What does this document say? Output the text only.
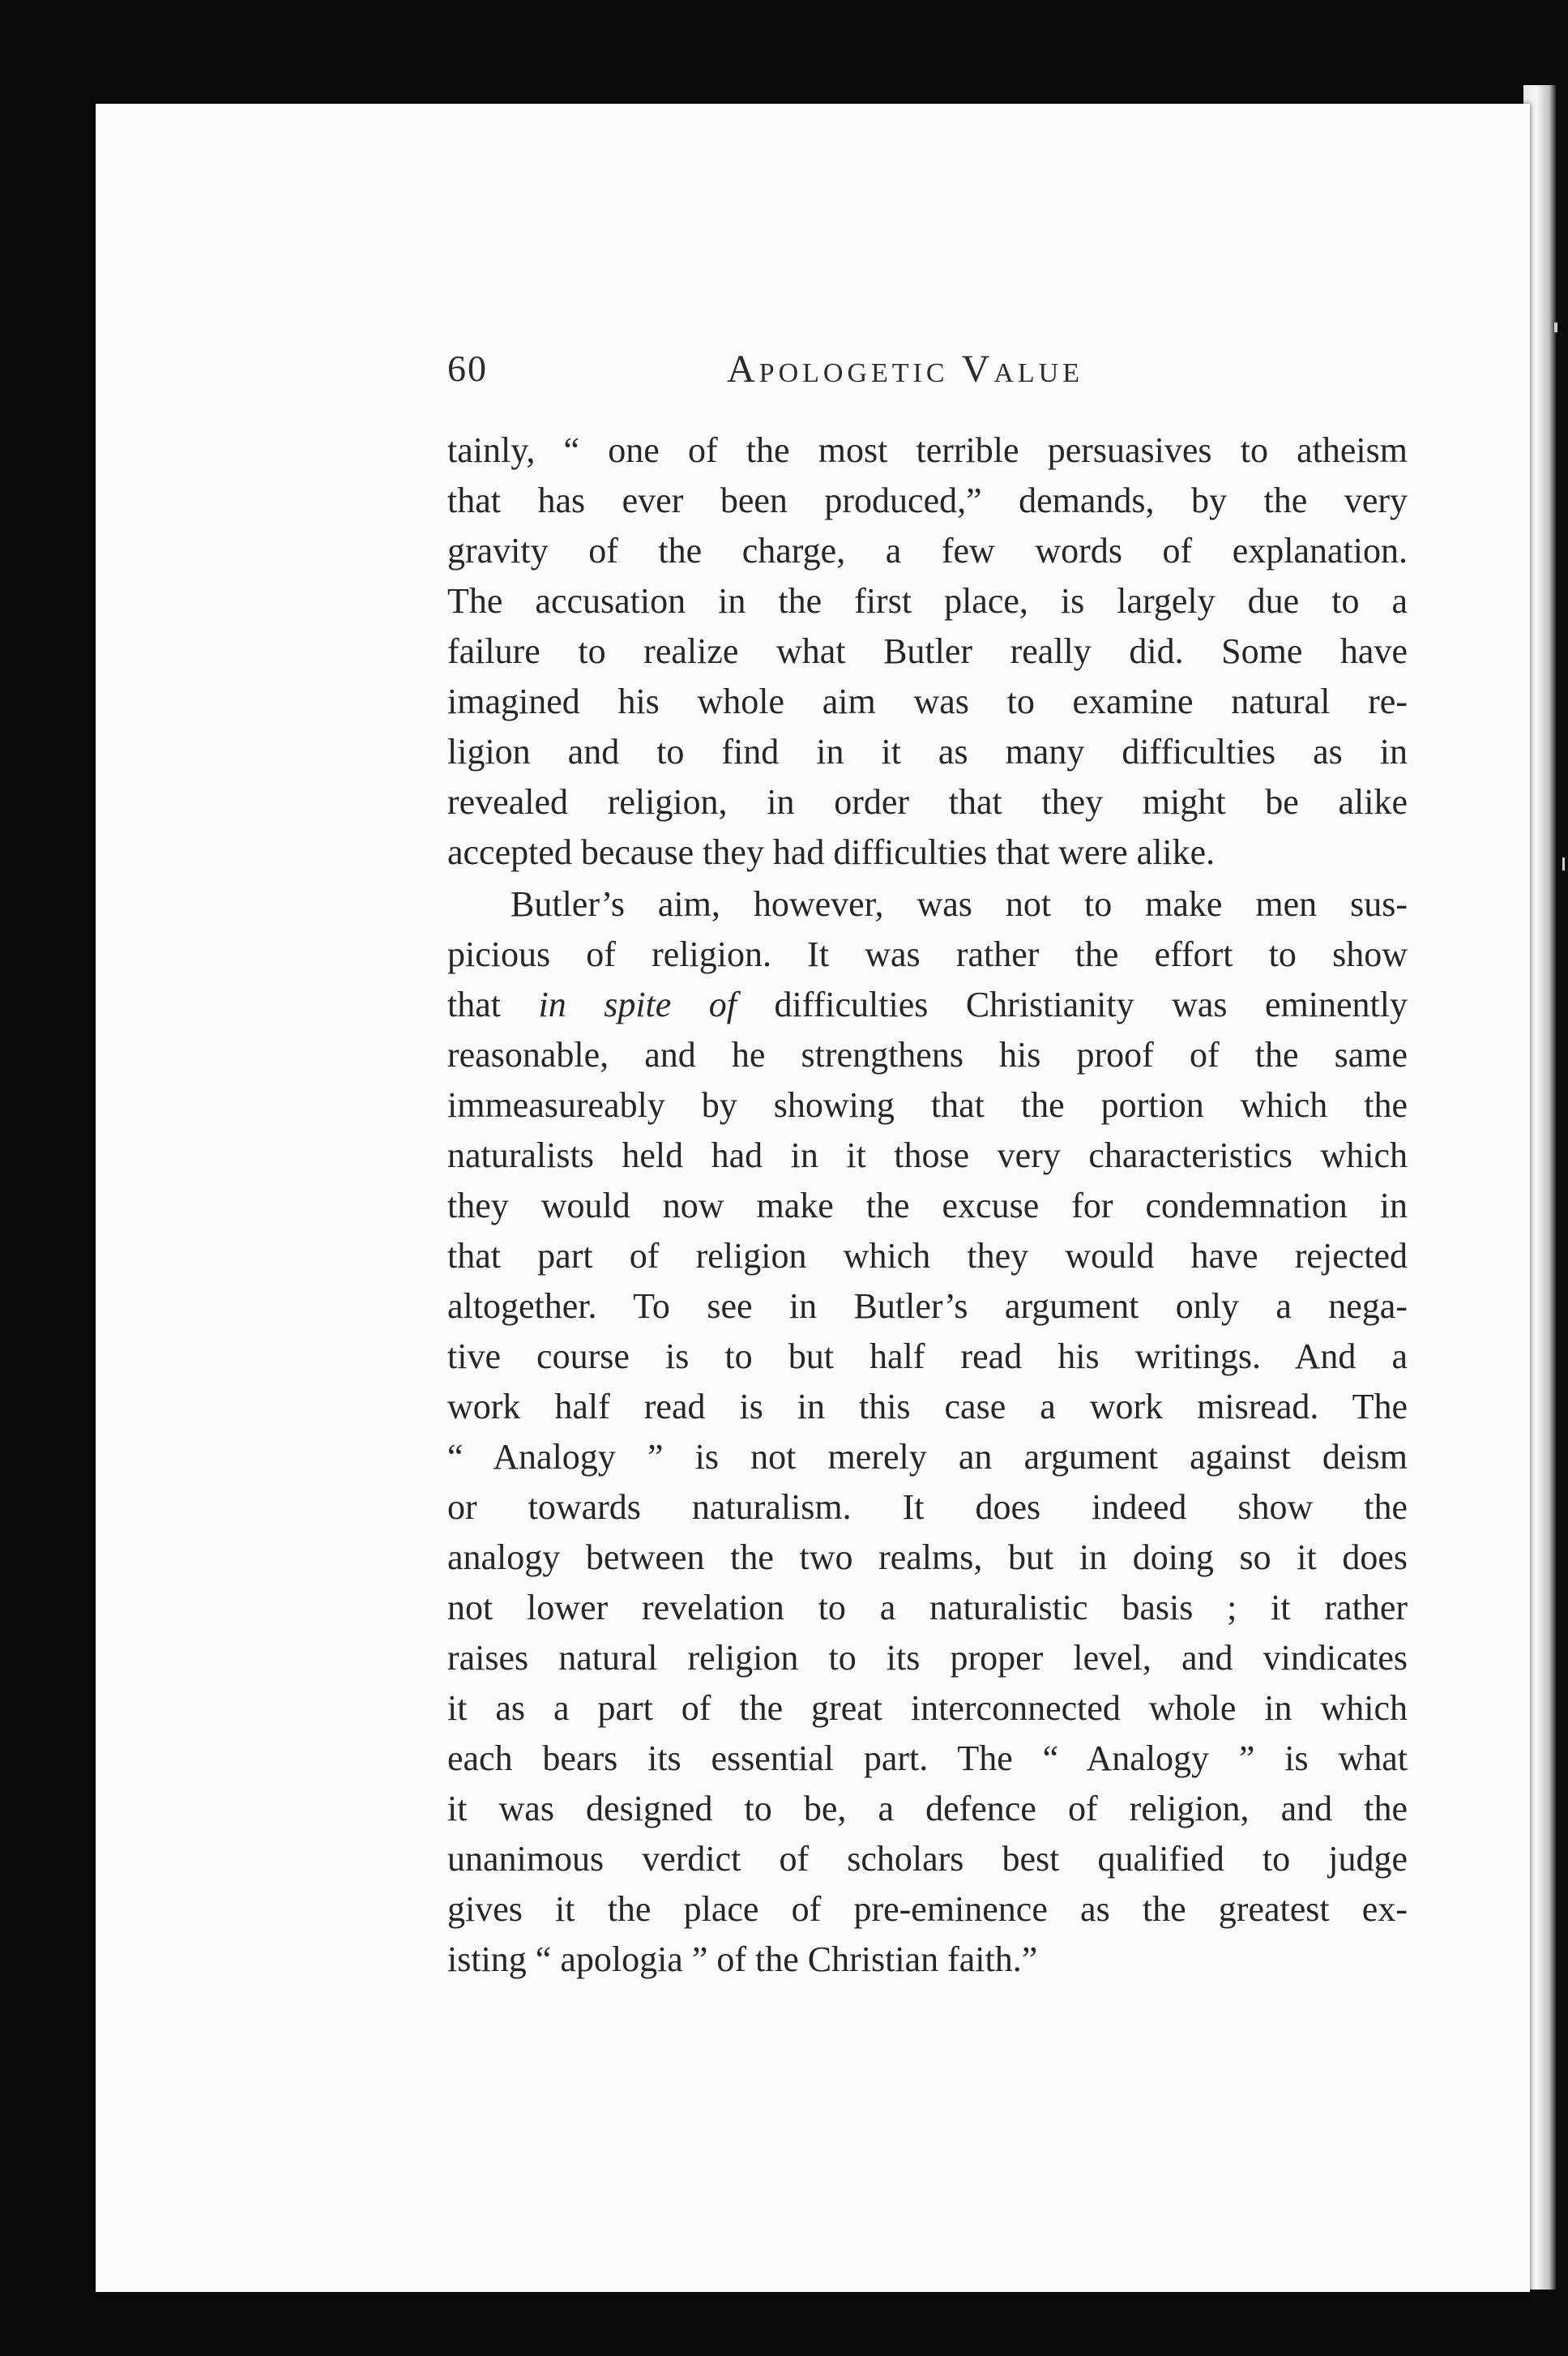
60	Apologetic Value
tainly, “ one of the most terrible persuasives to atheism
that has ever been produced,” demands, by the very
gravity of the charge, a few words of explanation.
The accusation in the first place, is largely due to a
failure to realize what Butler really did. Some have
imagined his whole aim was to examine natural re-
ligion and to find in it as many difficulties as in
revealed religion, in order that they might be alike
accepted because they had difficulties that were alike.
Butler’s aim, however, was not to make men sus-
picious of religion. It was rather the effort to show
that in spite of difficulties Christianity was eminently
reasonable, and he strengthens his proof of the same
immeasureably by showing that the portion which the
naturalists held had in it those very characteristics which
they would now make the excuse for condemnation in
that part of religion which they would have rejected
altogether. To see in Butler’s argument only a nega-
tive course is to but half read his writings. And a
work half read is in this case a work misread. The
“ Analogy ” is not merely an argument against deism
or towards naturalism. It does indeed show the
analogy between the two realms, but in doing so it does
not lower revelation to a naturalistic basis ; it rather
raises natural religion to its proper level, and vindicates
it as a part of the great interconnected whole in which
each bears its essential part. The “ Analogy ” is what
it was designed to be, a defence of religion, and the
unanimous verdict of scholars best qualified to judge
gives it the place of pre-eminence as the greatest ex-
isting “ apologia ” of the Christian faith.”
